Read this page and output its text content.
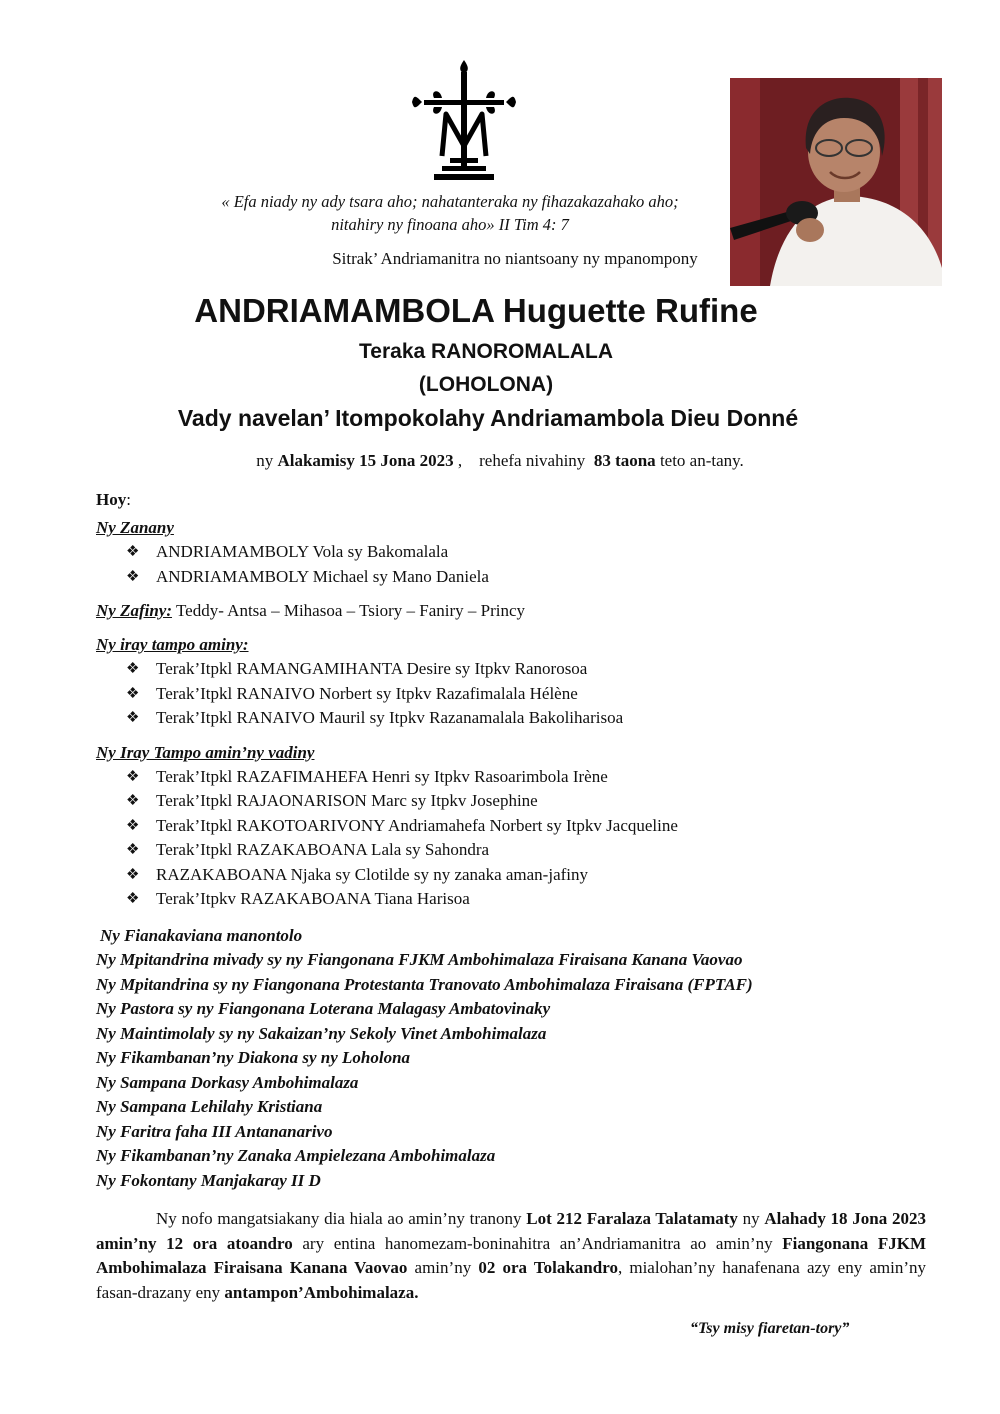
« Efa niady ny ady tsara aho; nahatanteraka ny fihazakazahako aho;
nitahiry ny finoana aho» II Tim 4: 7
Sitrak’ Andriamanitra no niantsoany ny mpanompony
ANDRIAMAMBOLA Huguette Rufine
Teraka RANOROMALALA
(LOHOLONA)
Vady navelan’ Itompokolahy Andriamambola Dieu Donné
ny Alakamisy 15 Jona 2023 ,    rehefa nivahiny  83 taona teto an-tany.
Hoy:
Ny Zanany
❖ ANDRIAMAMBOLY Vola sy Bakomalala
❖ ANDRIAMAMBOLY Michael sy Mano Daniela
Ny Zafiny: Teddy- Antsa – Mihasoa – Tsiory – Faniry – Princy
Ny iray tampo aminy:
❖ Terak’Itpkl RAMANGAMIHANTA Desire sy Itpkv Ranorosoa
❖ Terak’Itpkl RANAIVO Norbert sy Itpkv Razafimalala Hélène
❖ Terak’Itpkl RANAIVO Mauril sy Itpkv Razanamalala Bakoliharisoa
Ny Iray Tampo amin’ny vadiny
❖ Terak’Itpkl RAZAFIMAHEFA Henri sy Itpkv Rasoarimbola Irène
❖ Terak’Itpkl RAJAONARISON Marc sy Itpkv Josephine
❖ Terak’Itpkl RAKOTOARIVONY Andriamahefa Norbert sy Itpkv Jacqueline
❖ Terak’Itpkl RAZAKABOANA Lala sy Sahondra
❖ RAZAKABOANA Njaka sy Clotilde sy ny zanaka aman-jafiny
❖ Terak’Itpkv RAZAKABOANA Tiana Harisoa
Ny Fianakaviana manontolo
Ny Mpitandrina mivady sy ny Fiangonana FJKM Ambohimalaza Firaisana Kanana Vaovao
Ny Mpitandrina sy ny Fiangonana Protestanta Tranovato Ambohimalaza Firaisana (FPTAF)
Ny Pastora sy ny Fiangonana Loterana Malagasy Ambatovinaky
Ny Maintimolaly sy ny Sakaizan’ny Sekoly Vinet Ambohimalaza
Ny Fikambanan’ny Diakona sy ny Loholona
Ny Sampana Dorkasy Ambohimalaza
Ny Sampana Lehilahy Kristiana
Ny Faritra faha III Antananarivo
Ny Fikambanan’ny Zanaka Ampielezana Ambohimalaza
Ny Fokontany Manjakaray II D
Ny nofo mangatsiakany dia hiala ao amin’ny tranony Lot 212 Faralaza Talatamaty ny Alahady 18 Jona 2023 amin’ny 12 ora atoandro ary entina hanomezam-boninahitra an’Andriamanitra ao amin’ny Fiangonana FJKM Ambohimalaza Firaisana Kanana Vaovao amin’ny 02 ora Tolakandro, mialohan’ny hanafenana azy eny amin’ny fasan-drazany eny antampon’Ambohimalaza.
“Tsy misy fiaretan-tory”
